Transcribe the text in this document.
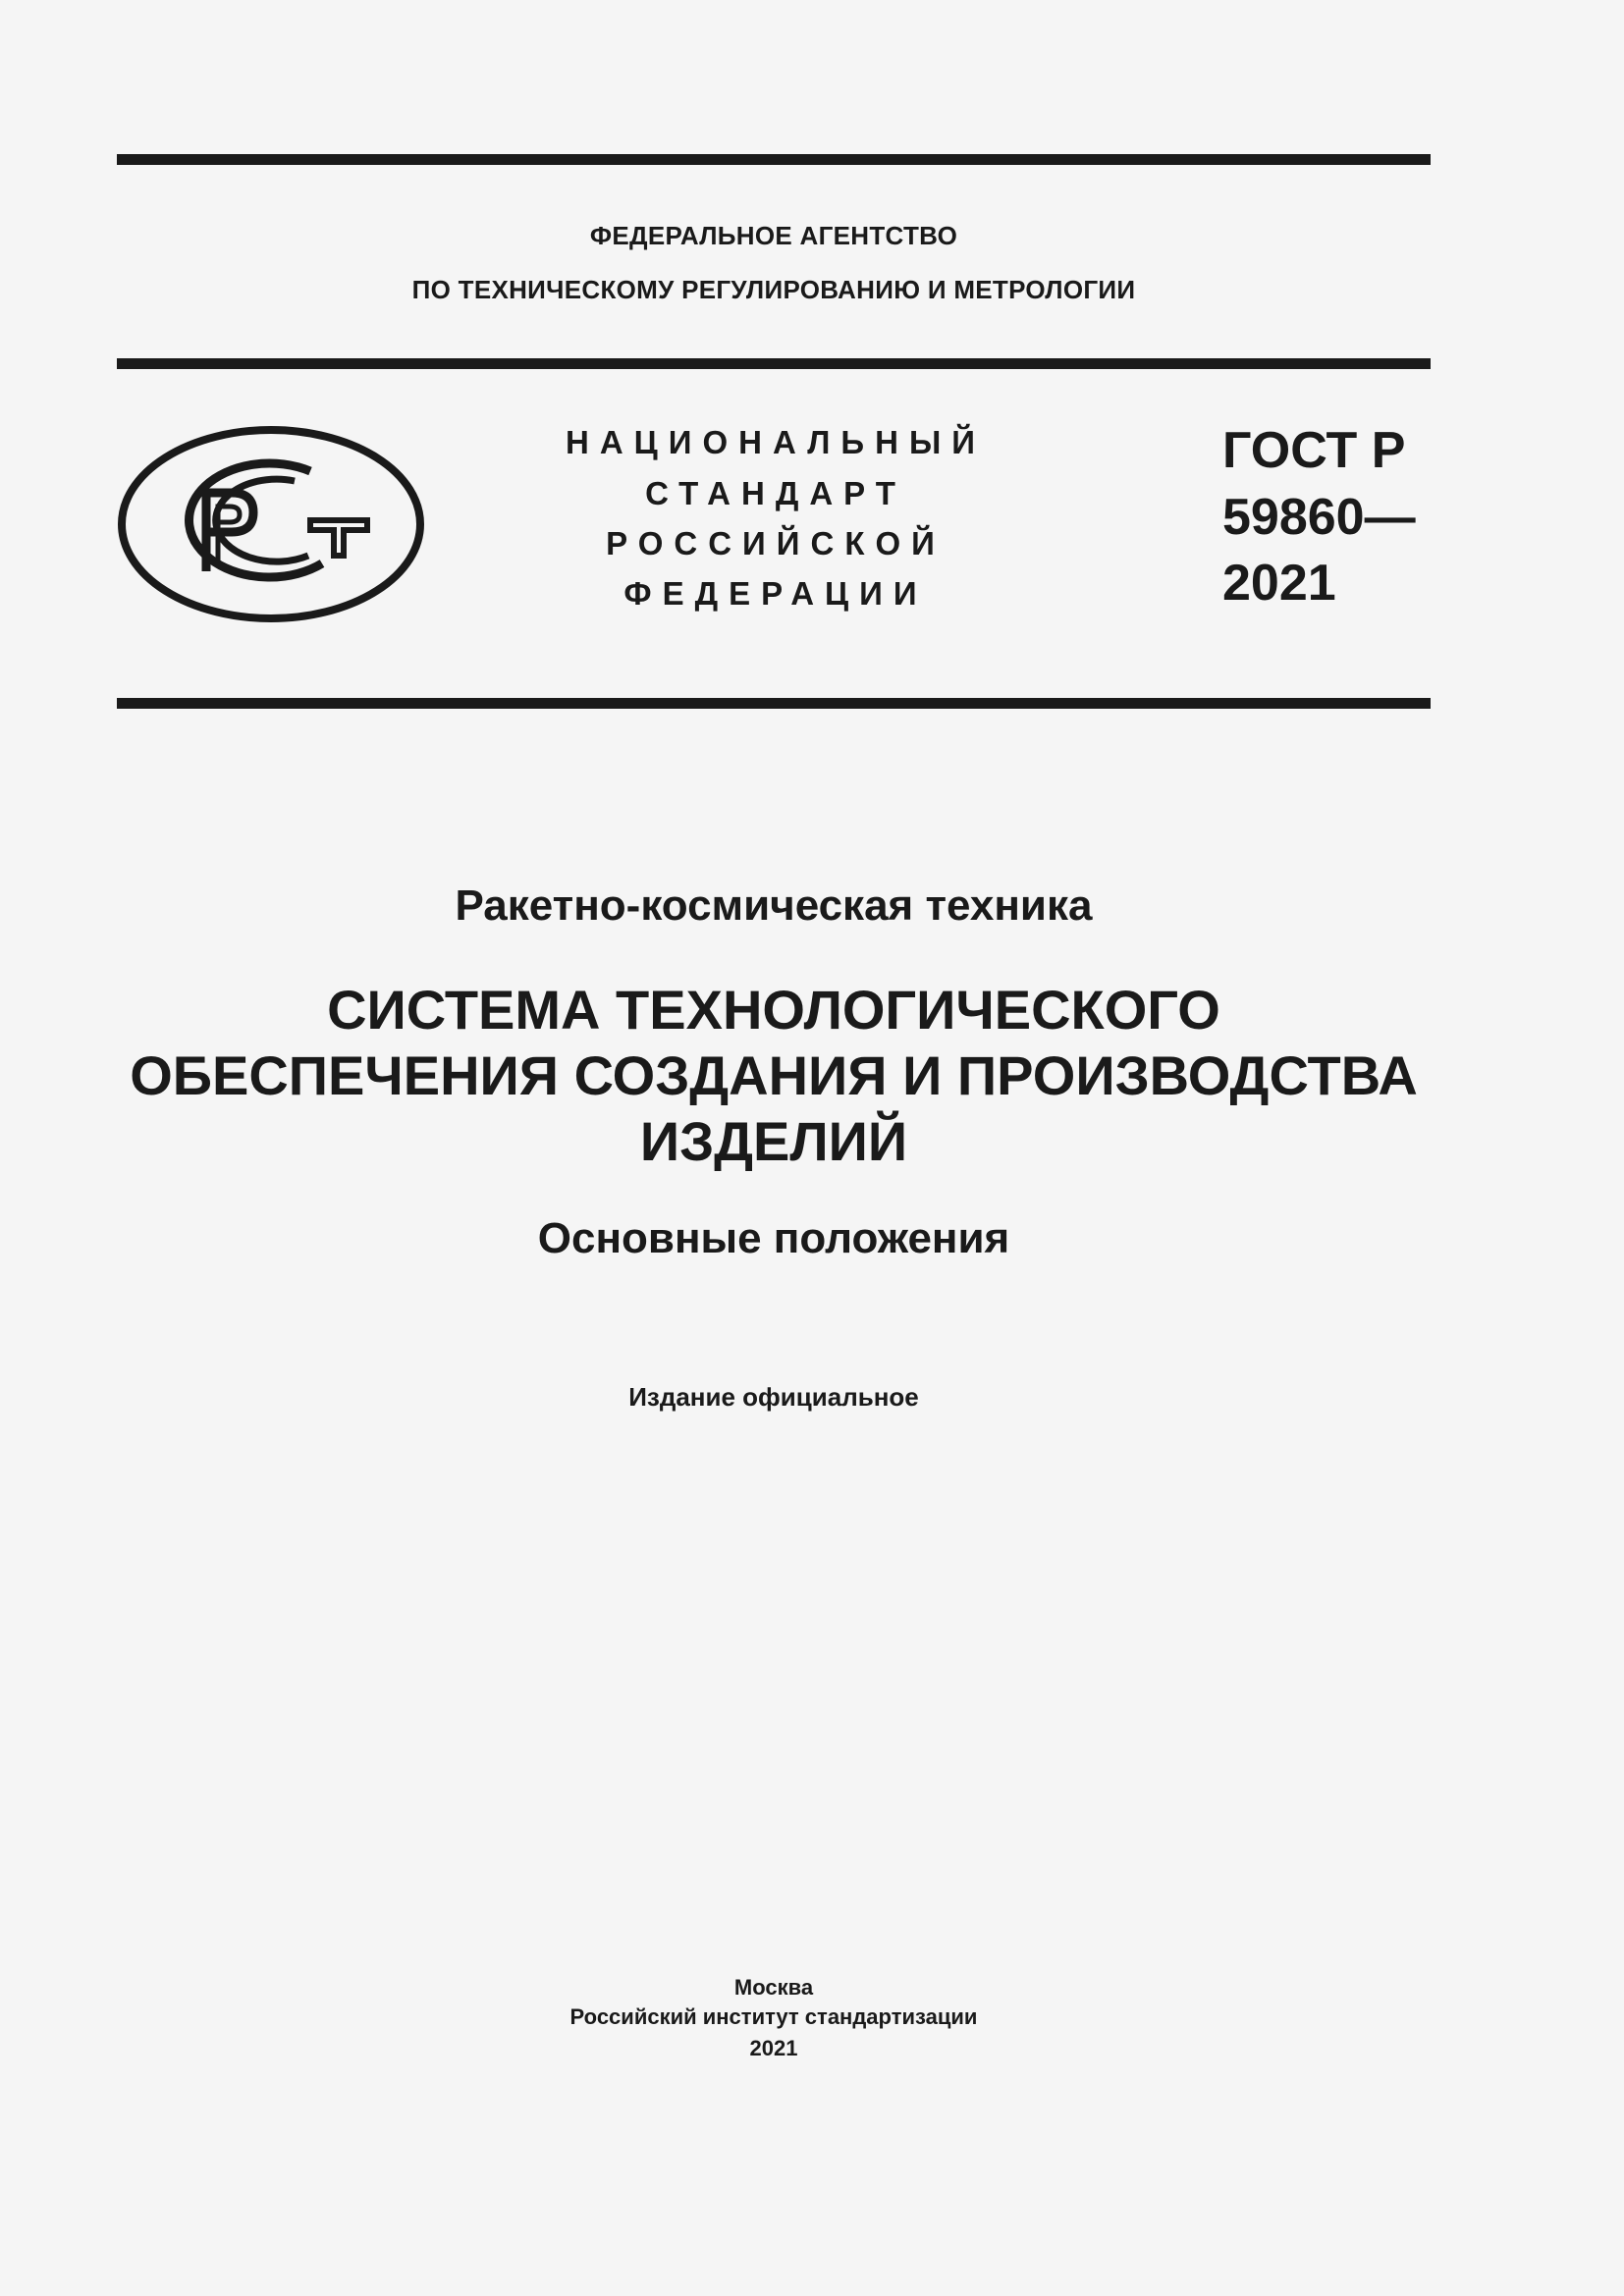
ФЕДЕРАЛЬНОЕ АГЕНТСТВО
ПО ТЕХНИЧЕСКОМУ РЕГУЛИРОВАНИЮ И МЕТРОЛОГИИ
НАЦИОНАЛЬНЫЙ
СТАНДАРТ
РОССИЙСКОЙ
ФЕДЕРАЦИИ
ГОСТ Р
59860—
2021
Ракетно-космическая техника
СИСТЕМА ТЕХНОЛОГИЧЕСКОГО
ОБЕСПЕЧЕНИЯ СОЗДАНИЯ И ПРОИЗВОДСТВА
ИЗДЕЛИЙ
Основные положения
Издание официальное
Москва
Российский институт стандартизации
2021
